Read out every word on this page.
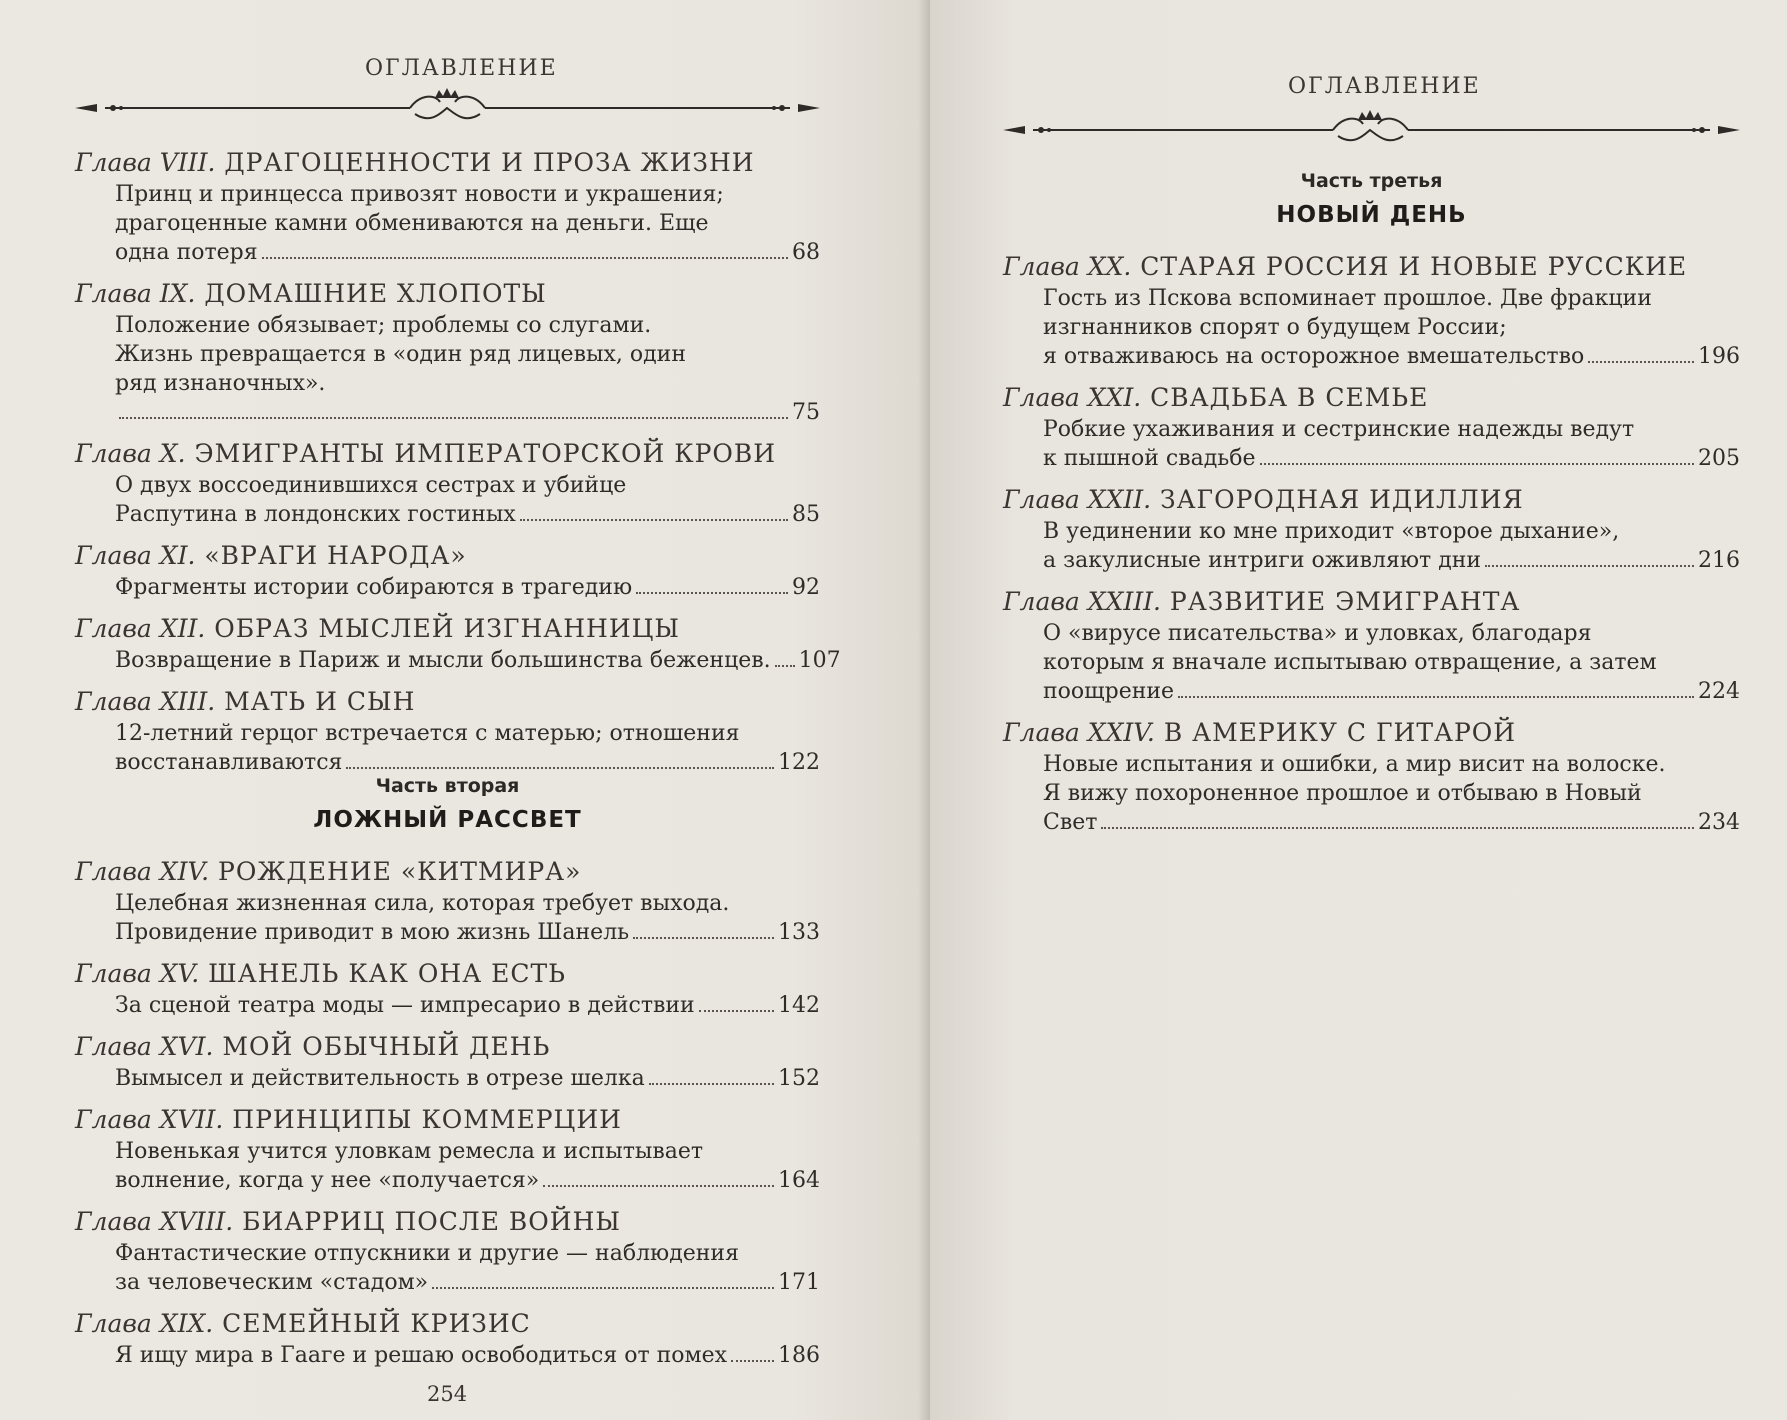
ОГЛАВЛЕНИЕ
Глава VIII. ДРАГОЦЕННОСТИ И ПРОЗА ЖИЗНИ
Принц и принцесса привозят новости и украшения;
драгоценные камни обмениваются на деньги. Еще
одна потеря	68
Глава IX. ДОМАШНИЕ ХЛОПОТЫ
Положение обязывает; проблемы со слугами.
Жизнь превращается в «один ряд лицевых, один
ряд изнаночных».
75
Глава X. ЭМИГРАНТЫ ИМПЕРАТОРСКОЙ КРОВИ
О двух воссоединившихся сестрах и убийце
Распутина в лондонских гостиных	85
Глава XI. «ВРАГИ НАРОДА»
Фрагменты истории собираются в трагедию	92
Глава XII. ОБРАЗ МЫСЛЕЙ ИЗГНАННИЦЫ
Возвращение в Париж и мысли большинства беженцев. 107
Глава XIII. МАТЬ И СЫН
12-летний герцог встречается с матерью; отношения
восстанавливаются	122
Часть вторая
ЛОЖНЫЙ РАССВЕТ
Глава XIV. РОЖДЕНИЕ «КИТМИРА»
Целебная жизненная сила, которая требует выхода.
Провидение приводит в мою жизнь Шанель	133
Глава XV. ШАНЕЛЬ КАК ОНА ЕСТЬ
За сценой театра моды — импресарио в действии	142
Глава XVI. МОЙ ОБЫЧНЫЙ ДЕНЬ
Вымысел и действительность в отрезе шелка	152
Глава XVII. ПРИНЦИПЫ КОММЕРЦИИ
Новенькая учится уловкам ремесла и испытывает
волнение, когда у нее «получается»	164
Глава XVIII. БИАРРИЦ ПОСЛЕ ВОЙНЫ
Фантастические отпускники и другие — наблюдения
за человеческим «стадом»	171
Глава XIX. СЕМЕЙНЫЙ КРИЗИС
Я ищу мира в Гааге и решаю освободиться от помех 186
254
ОГЛАВЛЕНИЕ
Часть третья
НОВЫЙ ДЕНЬ
Глава XX. СТАРАЯ РОССИЯ И НОВЫЕ РУССКИЕ
Гость из Пскова вспоминает прошлое. Две фракции
изгнанников спорят о будущем России;
я отваживаюсь на осторожное вмешательство	196
Глава XXI. СВАДЬБА В СЕМЬЕ
Робкие ухаживания и сестринские надежды ведут
к пышной свадьбе	205
Глава XXII. ЗАГОРОДНАЯ ИДИЛЛИЯ
В уединении ко мне приходит «второе дыхание»,
а закулисные интриги оживляют дни	216
Глава XXIII. РАЗВИТИЕ ЭМИГРАНТА
О «вирусе писательства» и уловках, благодаря
которым я вначале испытываю отвращение, а затем
поощрение	224
Глава XXIV. В АМЕРИКУ С ГИТАРОЙ
Новые испытания и ошибки, а мир висит на волоске.
Я вижу похороненное прошлое и отбываю в Новый
Свет	234
